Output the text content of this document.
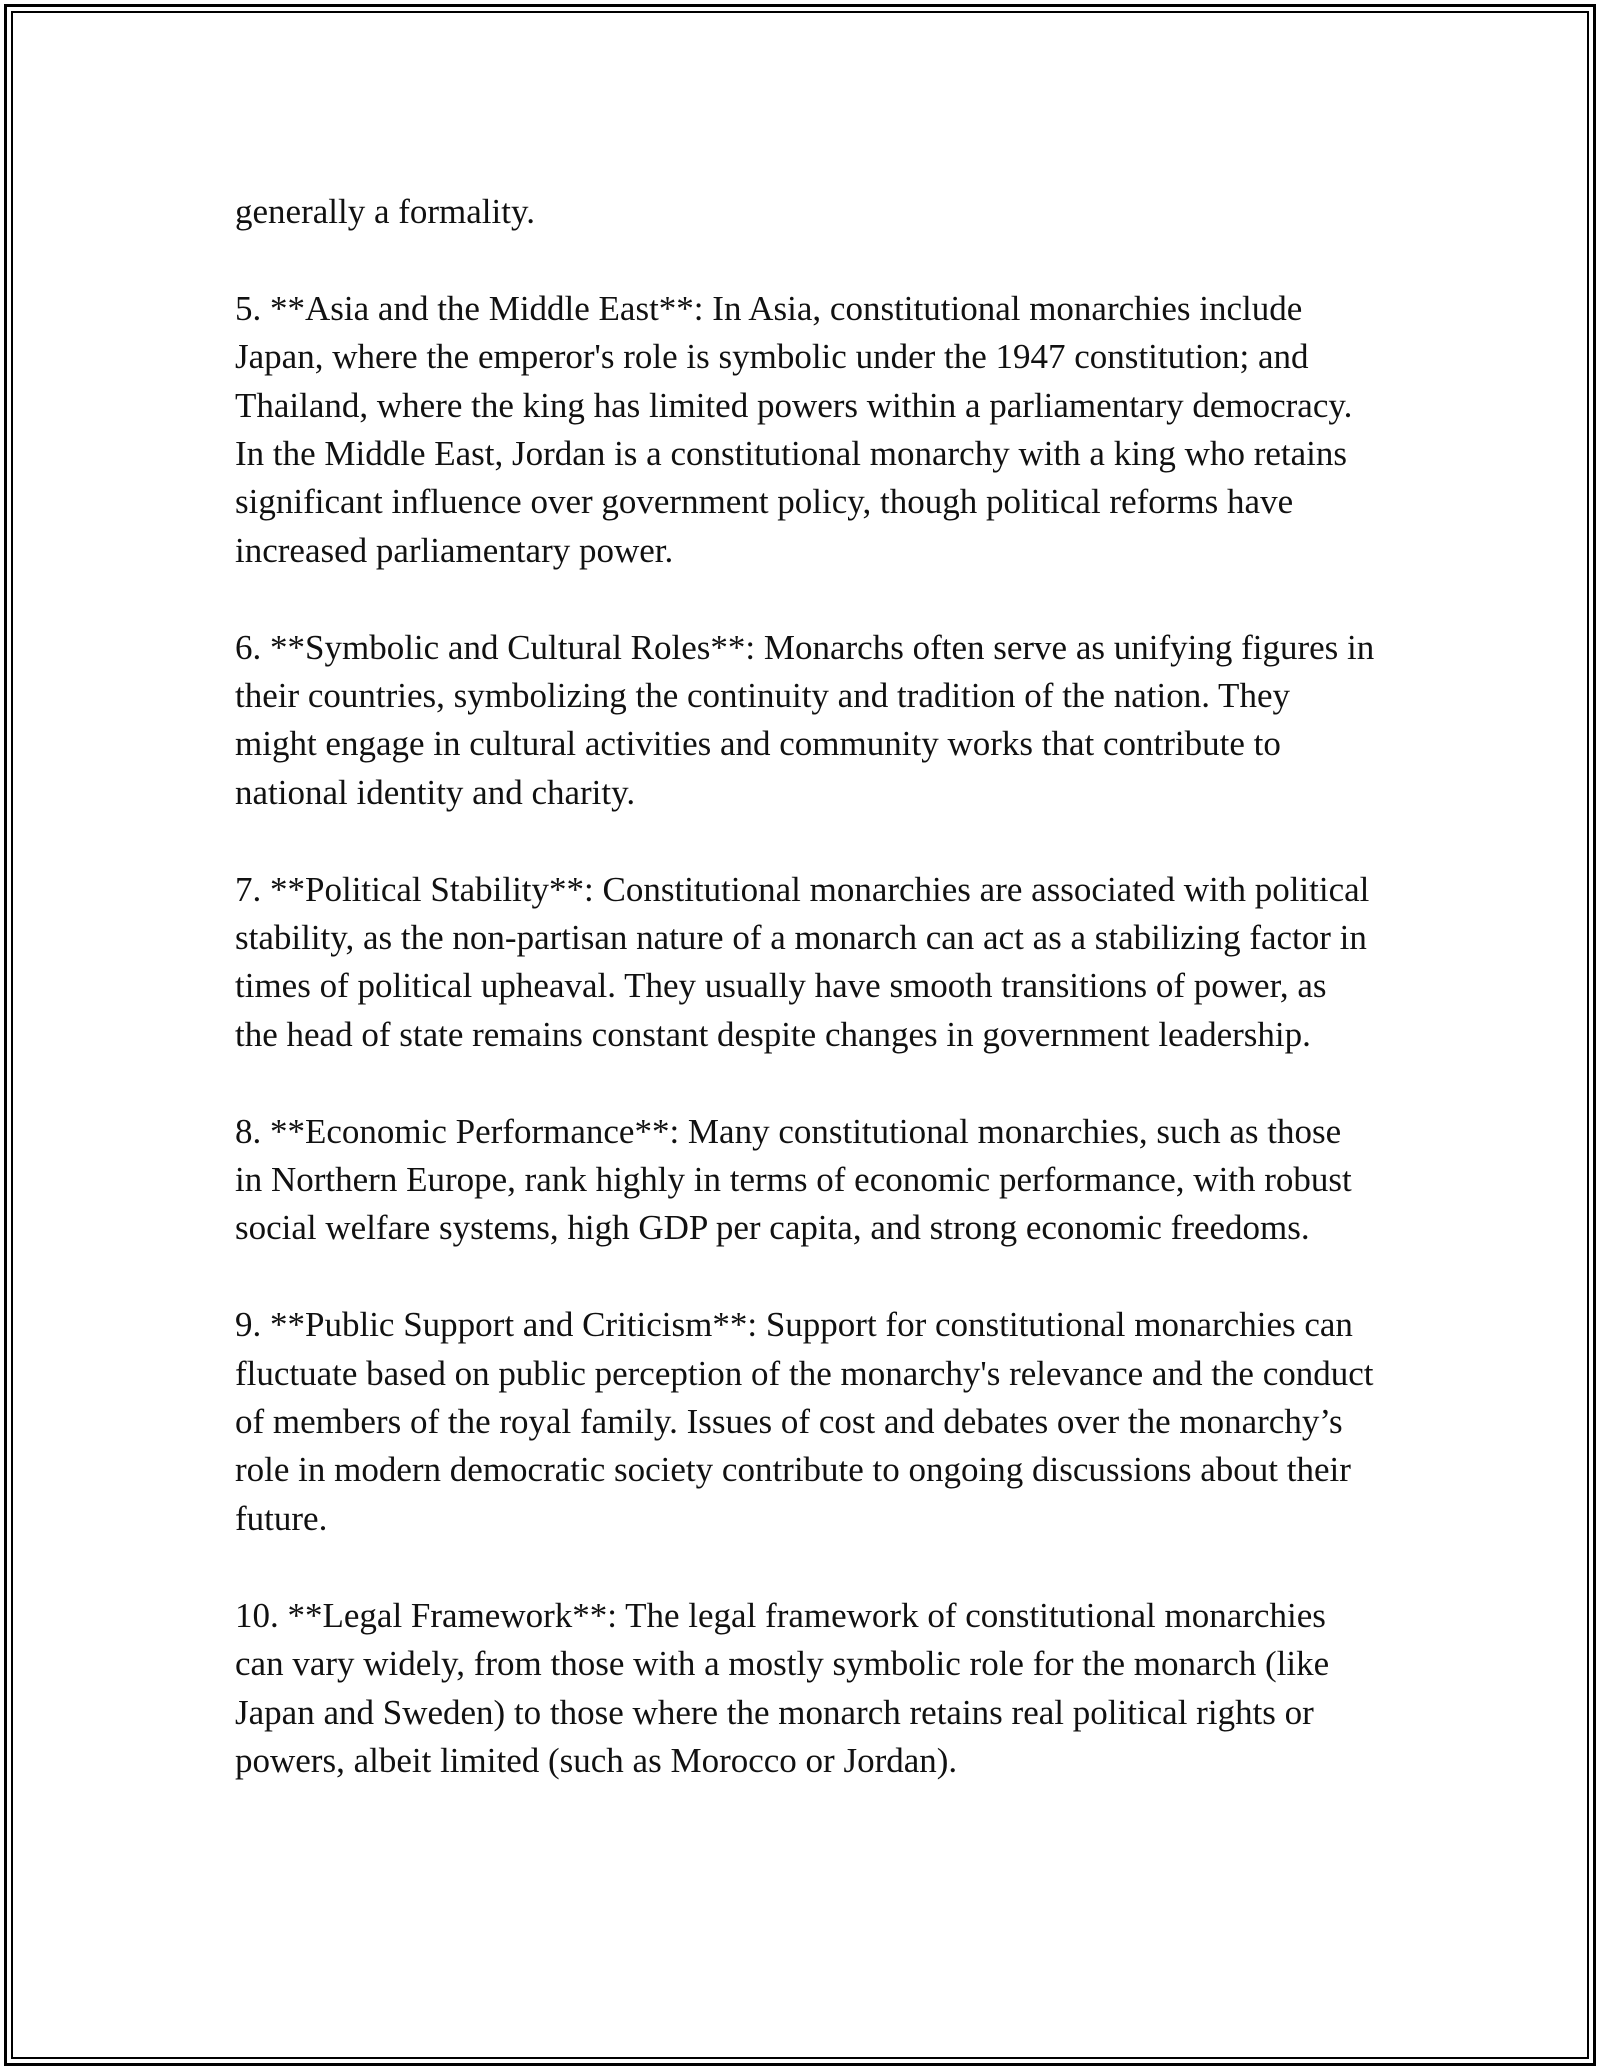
generally a formality.

5. **Asia and the Middle East**: In Asia, constitutional monarchies include Japan, where the emperor's role is symbolic under the 1947 constitution; and Thailand, where the king has limited powers within a parliamentary democracy. In the Middle East, Jordan is a constitutional monarchy with a king who retains significant influence over government policy, though political reforms have increased parliamentary power.

6. **Symbolic and Cultural Roles**: Monarchs often serve as unifying figures in their countries, symbolizing the continuity and tradition of the nation. They might engage in cultural activities and community works that contribute to national identity and charity.

7. **Political Stability**: Constitutional monarchies are associated with political stability, as the non-partisan nature of a monarch can act as a stabilizing factor in times of political upheaval. They usually have smooth transitions of power, as the head of state remains constant despite changes in government leadership.

8. **Economic Performance**: Many constitutional monarchies, such as those in Northern Europe, rank highly in terms of economic performance, with robust social welfare systems, high GDP per capita, and strong economic freedoms.

9. **Public Support and Criticism**: Support for constitutional monarchies can fluctuate based on public perception of the monarchy's relevance and the conduct of members of the royal family. Issues of cost and debates over the monarchy’s role in modern democratic society contribute to ongoing discussions about their future.

10. **Legal Framework**: The legal framework of constitutional monarchies can vary widely, from those with a mostly symbolic role for the monarch (like Japan and Sweden) to those where the monarch retains real political rights or powers, albeit limited (such as Morocco or Jordan).
